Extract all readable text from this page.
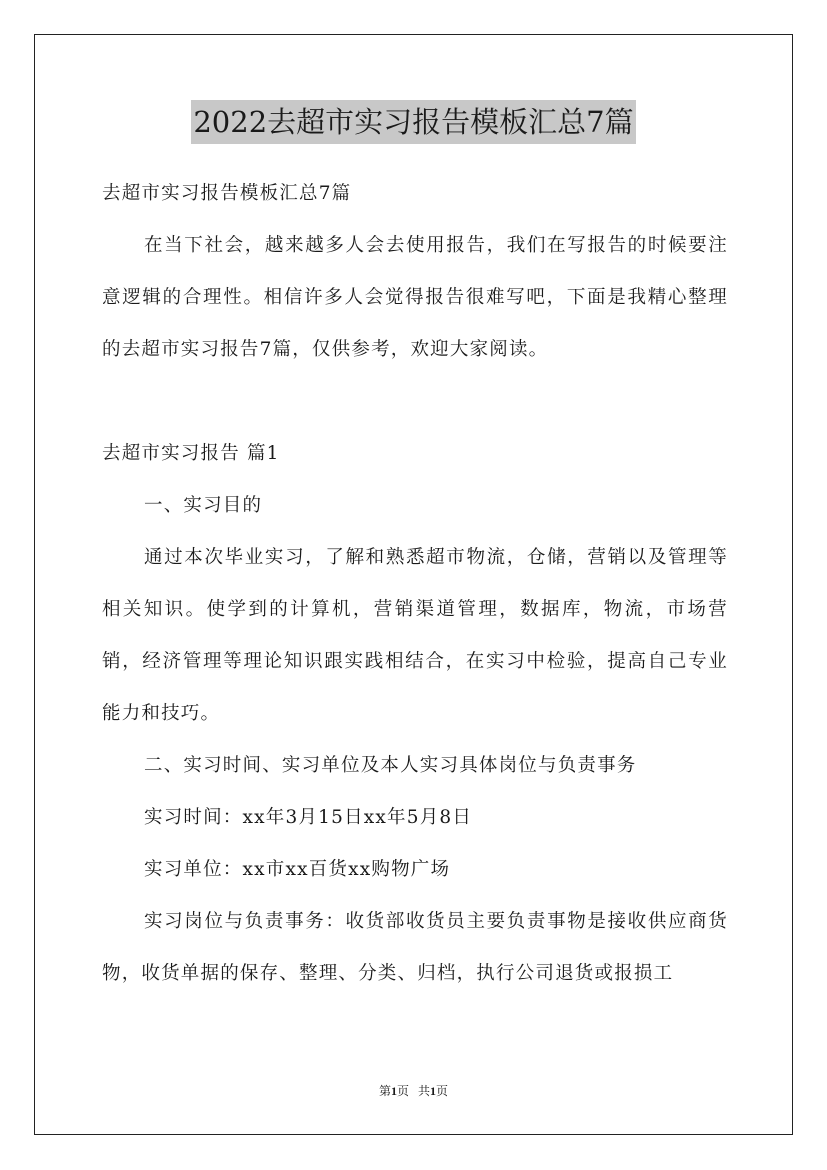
2022去超市实习报告模板汇总7篇

去超市实习报告模板汇总7篇

在当下社会，越来越多人会去使用报告，我们在写报告的时候要注意逻辑的合理性。相信许多人会觉得报告很难写吧，下面是我精心整理的去超市实习报告7篇，仅供参考，欢迎大家阅读。

去超市实习报告 篇1

一、实习目的

通过本次毕业实习，了解和熟悉超市物流，仓储，营销以及管理等相关知识。使学到的计算机，营销渠道管理，数据库，物流，市场营销，经济管理等理论知识跟实践相结合，在实习中检验，提高自己专业能力和技巧。

二、实习时间、实习单位及本人实习具体岗位与负责事务

实习时间：xx年3月15日xx年5月8日

实习单位：xx市xx百货xx购物广场

实习岗位与负责事务：收货部收货员主要负责事物是接收供应商货物，收货单据的保存、整理、分类、归档，执行公司退货或报损工

第1页 共1页
